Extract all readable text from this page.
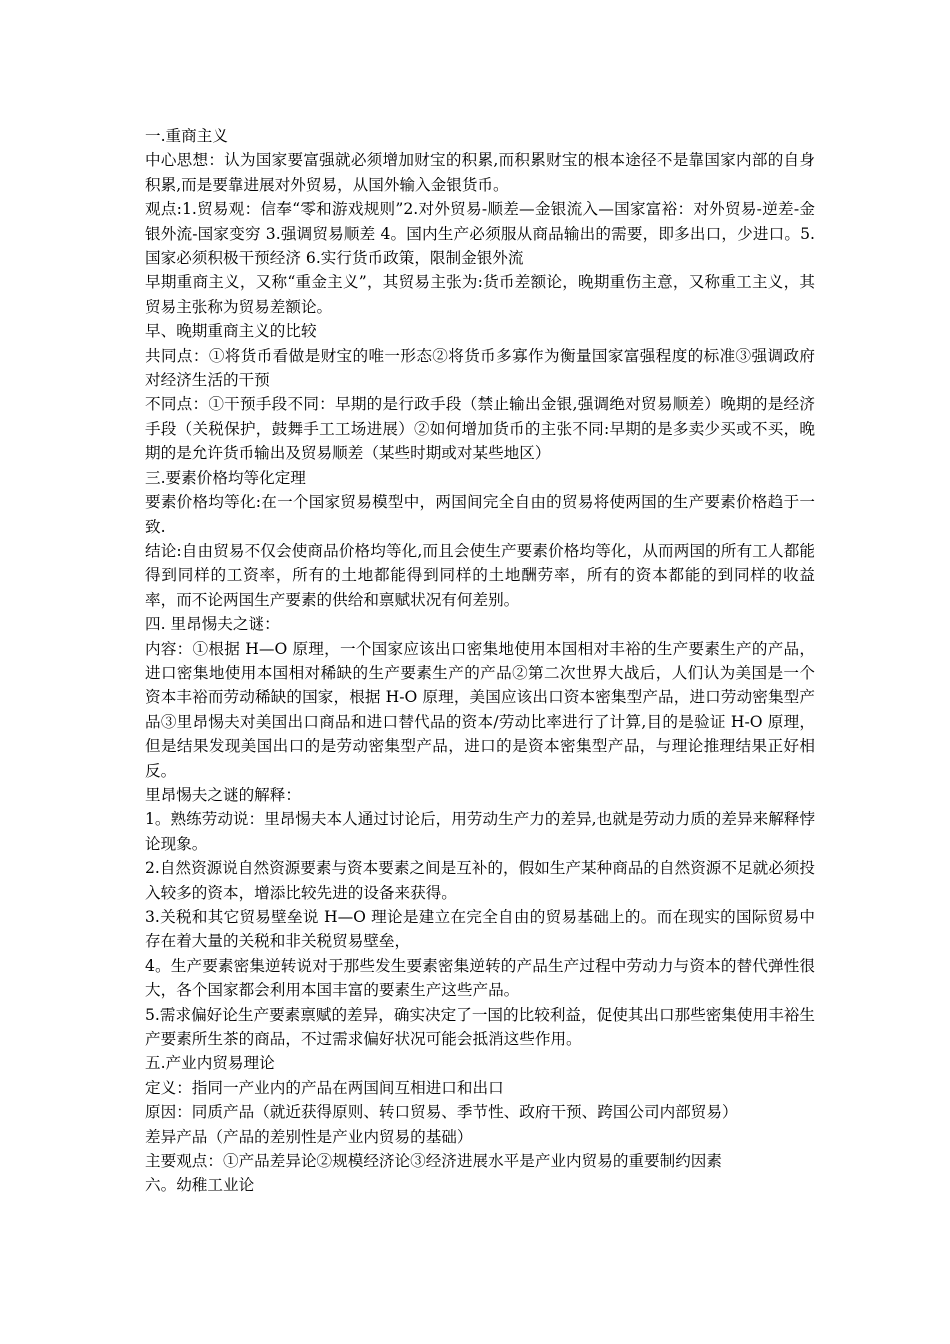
一.重商主义
中心思想：认为国家要富强就必须增加财宝的积累,而积累财宝的根本途径不是靠国家内部的自身积累,而是要靠进展对外贸易，从国外输入金银货币。
观点:1.贸易观：信奉“零和游戏规则”2.对外贸易-顺差—金银流入—国家富裕：对外贸易-逆差-金银外流-国家变穷 3.强调贸易顺差 4。国内生产必须服从商品输出的需要，即多出口，少进口。5.国家必须积极干预经济 6.实行货币政策，限制金银外流
早期重商主义，又称“重金主义”，其贸易主张为:货币差额论，晚期重伤主意，又称重工主义，其贸易主张称为贸易差额论。
早、晚期重商主义的比较
共同点：①将货币看做是财宝的唯一形态②将货币多寡作为衡量国家富强程度的标准③强调政府对经济生活的干预
不同点：①干预手段不同：早期的是行政手段（禁止输出金银,强调绝对贸易顺差）晚期的是经济手段（关税保护，鼓舞手工工场进展）②如何增加货币的主张不同:早期的是多卖少买或不买，晚期的是允许货币输出及贸易顺差（某些时期或对某些地区）
三.要素价格均等化定理
要素价格均等化:在一个国家贸易模型中，两国间完全自由的贸易将使两国的生产要素价格趋于一致.
结论:自由贸易不仅会使商品价格均等化,而且会使生产要素价格均等化，从而两国的所有工人都能得到同样的工资率，所有的土地都能得到同样的土地酬劳率，所有的资本都能的到同样的收益率，而不论两国生产要素的供给和禀赋状况有何差别。
四. 里昂惕夫之谜：
内容：①根据 H—O 原理，一个国家应该出口密集地使用本国相对丰裕的生产要素生产的产品，进口密集地使用本国相对稀缺的生产要素生产的产品②第二次世界大战后，人们认为美国是一个资本丰裕而劳动稀缺的国家，根据 H-O 原理，美国应该出口资本密集型产品，进口劳动密集型产品③里昂惕夫对美国出口商品和进口替代品的资本/劳动比率进行了计算,目的是验证 H-O 原理，但是结果发现美国出口的是劳动密集型产品，进口的是资本密集型产品，与理论推理结果正好相反。
里昂惕夫之谜的解释：
1。熟练劳动说：里昂惕夫本人通过讨论后，用劳动生产力的差异,也就是劳动力质的差异来解释悖论现象。
2.自然资源说自然资源要素与资本要素之间是互补的，假如生产某种商品的自然资源不足就必须投入较多的资本，增添比较先进的设备来获得。
3.关税和其它贸易壁垒说 H—O 理论是建立在完全自由的贸易基础上的。而在现实的国际贸易中存在着大量的关税和非关税贸易壁垒，
4。生产要素密集逆转说对于那些发生要素密集逆转的产品生产过程中劳动力与资本的替代弹性很大，各个国家都会利用本国丰富的要素生产这些产品。
5.需求偏好论生产要素禀赋的差异，确实决定了一国的比较利益，促使其出口那些密集使用丰裕生产要素所生茶的商品，不过需求偏好状况可能会抵消这些作用。
五.产业内贸易理论
定义：指同一产业内的产品在两国间互相进口和出口
原因：同质产品（就近获得原则、转口贸易、季节性、政府干预、跨国公司内部贸易）
差异产品（产品的差别性是产业内贸易的基础）
主要观点：①产品差异论②规模经济论③经济进展水平是产业内贸易的重要制约因素
六。幼稚工业论
